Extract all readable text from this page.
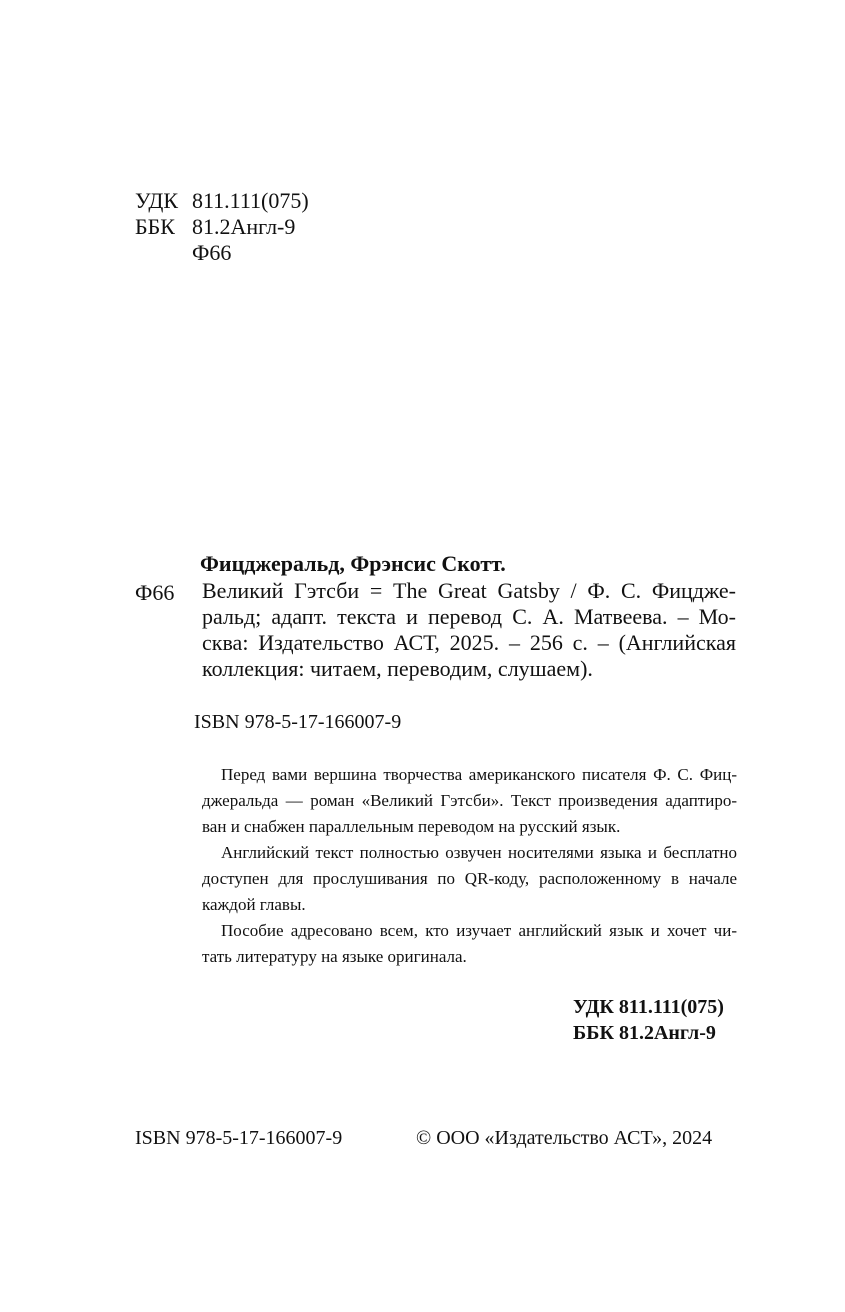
УДК 811.111(075)
ББК 81.2Англ-9
Ф66
Фицджеральд, Фрэнсис Скотт.
Ф66 Великий Гэтсби = The Great Gatsby / Ф. С. Фицдже-
ральд; адапт. текста и перевод С. А. Матвеева. – Мо-
сква: Издательство АСТ, 2025. – 256 с. – (Английская
коллекция: читаем, переводим, слушаем).
ISBN 978-5-17-166007-9
Перед вами вершина творчества американского писателя Ф. С. Фиц-
джеральда — роман «Великий Гэтсби». Текст произведения адаптиро-
ван и снабжен параллельным переводом на русский язык.
Английский текст полностью озвучен носителями языка и бесплатно
доступен для прослушивания по QR-коду, расположенному в начале
каждой главы.
Пособие адресовано всем, кто изучает английский язык и хочет чи-
тать литературу на языке оригинала.
УДК 811.111(075)
ББК 81.2Англ-9
ISBN 978-5-17-166007-9	© ООО «Издательство АСТ», 2024
